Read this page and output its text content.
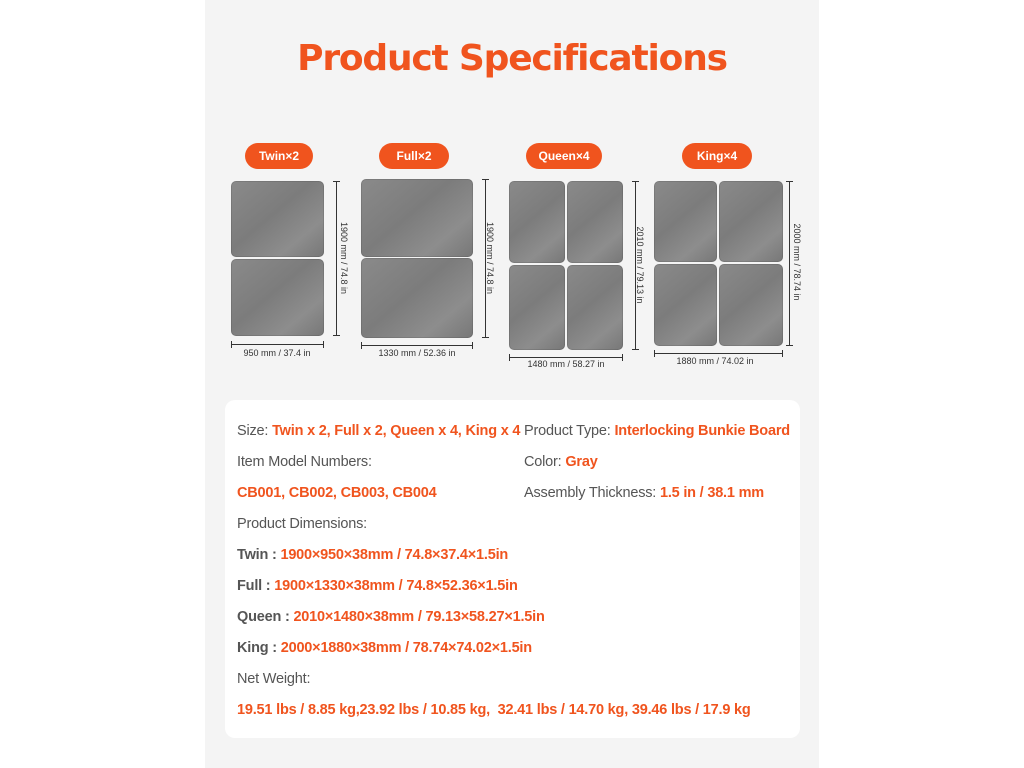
Product Specifications
Twin×2
1900 mm / 74.8 in
950 mm / 37.4 in
Full×2
1900 mm / 74.8 in
1330 mm / 52.36 in
Queen×4
2010 mm / 79.13 in
1480 mm / 58.27 in
King×4
2000 mm / 78.74 in
1880 mm / 74.02 in
Size: Twin x 2, Full x 2, Queen x 4, King x 4 Product Type: Interlocking Bunkie Board
Item Model Numbers:	Color: Gray
CB001, CB002, CB003, CB004	Assembly Thickness: 1.5 in / 38.1 mm
Product Dimensions:
Twin : 1900×950×38mm / 74.8×37.4×1.5in
Full : 1900×1330×38mm / 74.8×52.36×1.5in
Queen : 2010×1480×38mm / 79.13×58.27×1.5in
King : 2000×1880×38mm / 78.74×74.02×1.5in
Net Weight:
19.51 lbs / 8.85 kg,23.92 lbs / 10.85 kg,  32.41 lbs / 14.70 kg, 39.46 lbs / 17.9 kg
